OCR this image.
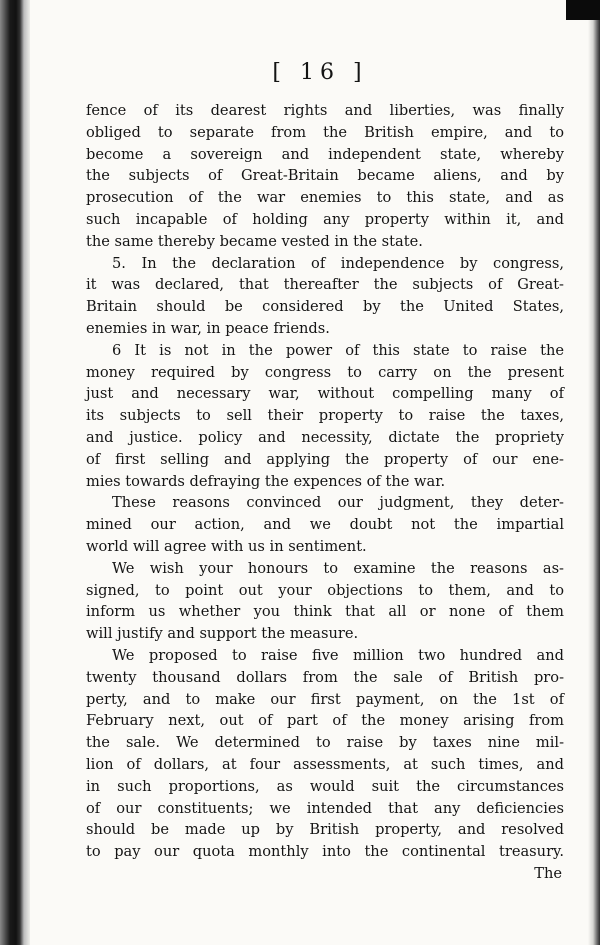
[ 16 ]
fence of its dearest rights and liberties, was finally
obliged to separate from the British empire, and to
become a sovereign and independent state, whereby
the subjects of Great-Britain became aliens, and by
prosecution of the war enemies to this state, and as
such incapable of holding any property within it, and
the same thereby became vested in the state.
5. In the declaration of independence by congress,
it was declared, that thereafter the subjects of Great-
Britain should be considered by the United States,
enemies in war, in peace friends.
6 It is not in the power of this state to raise the
money required by congress to carry on the present
just and necessary war, without compelling many of
its subjects to sell their property to raise the taxes,
and justice. policy and necessity, dictate the propriety
of first selling and applying the property of our ene-
mies towards defraying the expences of the war.
These reasons convinced our judgment, they deter-
mined our action, and we doubt not the impartial
world will agree with us in sentiment.
We wish your honours to examine the reasons as-
signed, to point out your objections to them, and to
inform us whether you think that all or none of them
will justify and support the measure.
We proposed to raise five million two hundred and
twenty thousand dollars from the sale of British pro-
perty, and to make our first payment, on the 1st of
February next, out of part of the money arising from
the sale. We determined to raise by taxes nine mil-
lion of dollars, at four assessments, at such times, and
in such proportions, as would suit the circumstances
of our constituents; we intended that any deficiencies
should be made up by British property, and resolved
to pay our quota monthly into the continental treasury.
The
